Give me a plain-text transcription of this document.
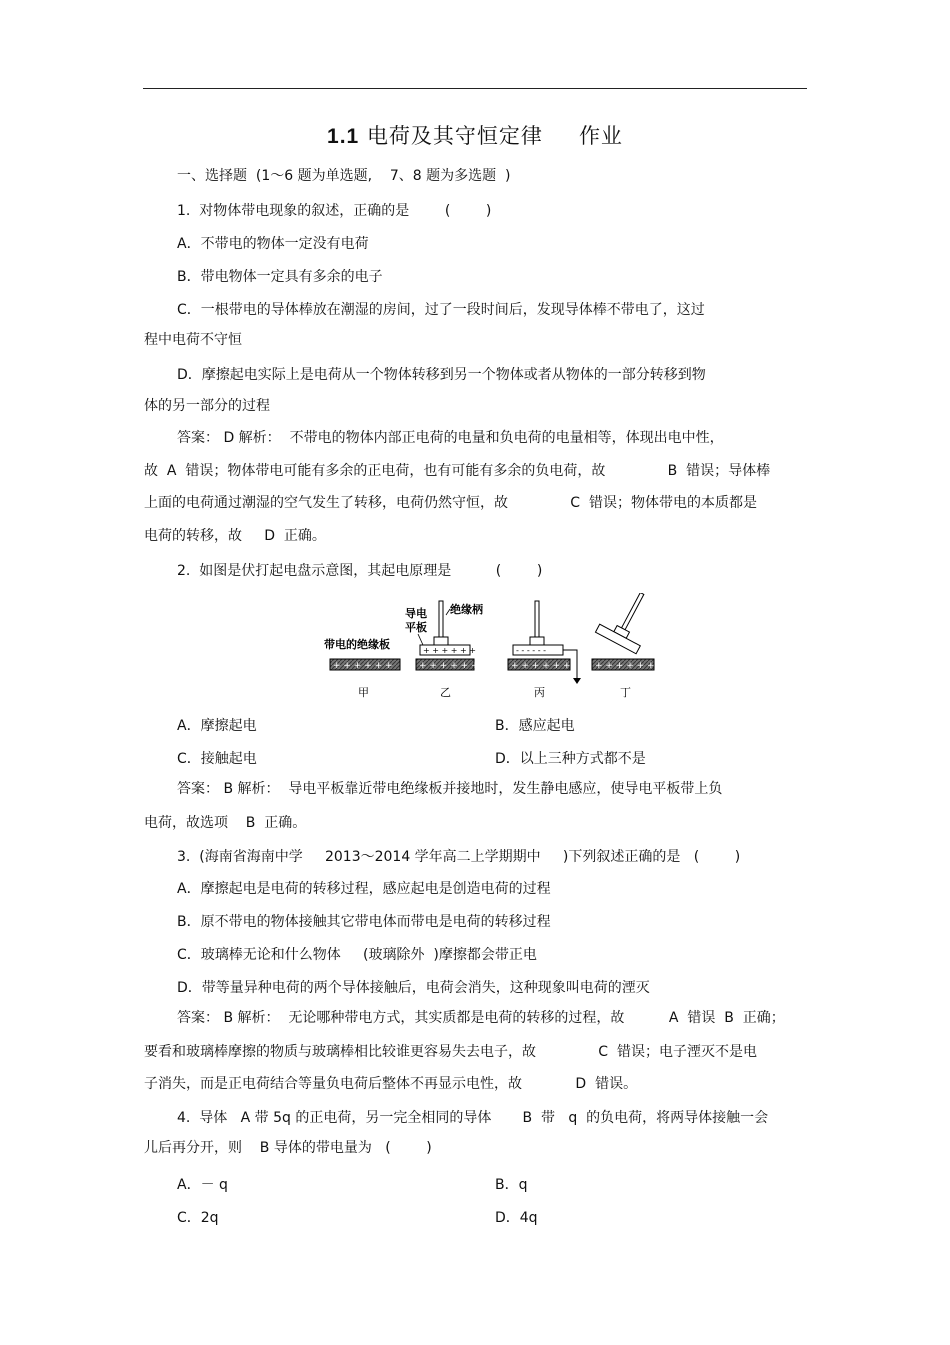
1.1 电荷及其守恒定律 作业
一、选择题  (1～6 题为单选题,    7、8 题为多选题  )
1.  对物体带电现象的叙述，正确的是        (        )
A．不带电的物体一定没有电荷
B．带电物体一定具有多余的电子
C．一根带电的导体棒放在潮湿的房间，过了一段时间后，发现导体棒不带电了，这过
程中电荷不守恒
D．摩擦起电实际上是电荷从一个物体转移到另一个物体或者从物体的一部分转移到物
体的另一部分的过程
答案： D 解析：  不带电的物体内部正电荷的电量和负电荷的电量相等，体现出电中性，
故  A  错误；物体带电可能有多余的正电荷，也有可能有多余的负电荷，故              B  错误；导体棒
上面的电荷通过潮湿的空气发生了转移，电荷仍然守恒，故              C  错误；物体带电的本质都是
电荷的转移，故     D  正确。
2.  如图是伏打起电盘示意图，其起电原理是          (        )
带电的绝缘板
+ + + + + +
甲
导电
平板
绝缘柄
+ + + + + +
+ + + + + +
乙
- - - - - -
+ + + + + +
丙
+ + + + + +
丁
A．摩擦起电	B．感应起电
C．接触起电	D．以上三种方式都不是
答案： B 解析：  导电平板靠近带电绝缘板并接地时，发生静电感应，使导电平板带上负
电荷，故选项    B  正确。
3.  (海南省海南中学     2013～2014 学年高二上学期期中     )下列叙述正确的是   (        )
A．摩擦起电是电荷的转移过程，感应起电是创造电荷的过程
B．原不带电的物体接触其它带电体而带电是电荷的转移过程
C．玻璃棒无论和什么物体     (玻璃除外  )摩擦都会带正电
D．带等量异种电荷的两个导体接触后，电荷会消失，这种现象叫电荷的湮灭
答案： B 解析：  无论哪种带电方式，其实质都是电荷的转移的过程，故          A  错误  B  正确；
要看和玻璃棒摩擦的物质与玻璃棒相比较谁更容易失去电子，故              C  错误；电子湮灭不是电
子消失，而是正电荷结合等量负电荷后整体不再显示电性，故            D  错误。
4.  导体   A 带 5q 的正电荷，另一完全相同的导体       B  带   q  的负电荷，将两导体接触一会
儿后再分开，则    B 导体的带电量为   (        )
A．－ q	B．q
C．2q	D．4q
